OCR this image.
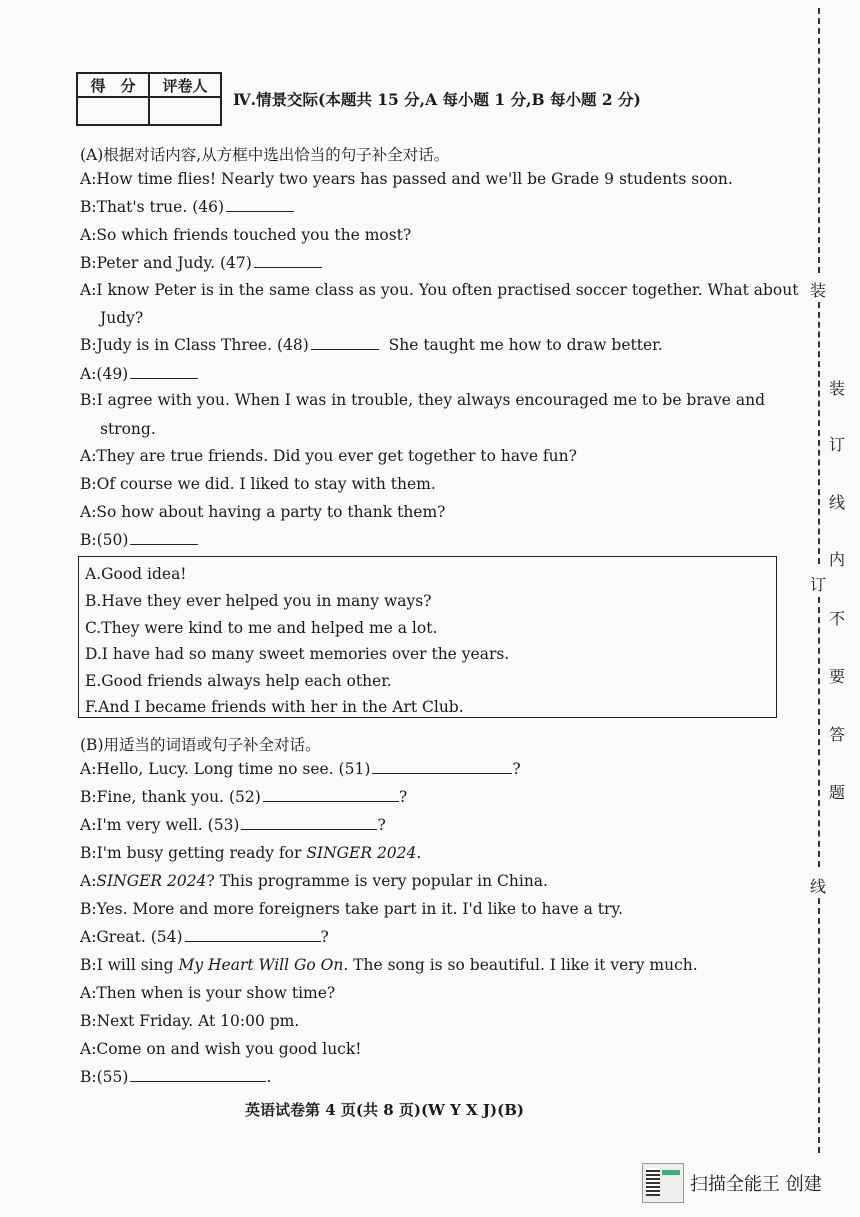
得　分	评卷人

Ⅳ.情景交际(本题共 15 分,A 每小题 1 分,B 每小题 2 分)
(A)根据对话内容,从方框中选出恰当的句子补全对话。
A:How time flies! Nearly two years has passed and we'll be Grade 9 students soon.
B:That's true. (46)
A:So which friends touched you the most?
B:Peter and Judy. (47)
A:I know Peter is in the same class as you. You often practised soccer together. What about
Judy?
B:Judy is in Class Three. (48)	She taught me how to draw better.
A:(49)
B:I agree with you. When I was in trouble, they always encouraged me to be brave and
strong.
A:They are true friends. Did you ever get together to have fun?
B:Of course we did. I liked to stay with them.
A:So how about having a party to thank them?
B:(50)
A.Good idea!
B.Have they ever helped you in many ways?
C.They were kind to me and helped me a lot.
D.I have had so many sweet memories over the years.
E.Good friends always help each other.
F.And I became friends with her in the Art Club.
(B)用适当的词语或句子补全对话。
A:Hello, Lucy. Long time no see. (51)	?
B:Fine, thank you. (52)	?
A:I'm very well. (53)	?
B:I'm busy getting ready for SINGER 2024.
A:SINGER 2024? This programme is very popular in China.
B:Yes. More and more foreigners take part in it. I'd like to have a try.
A:Great. (54)	?
B:I will sing My Heart Will Go On. The song is so beautiful. I like it very much.
A:Then when is your show time?
B:Next Friday. At 10:00 pm.
A:Come on and wish you good luck!
B:(55)	.
英语试卷第 4 页(共 8 页)(W Y X J)(B)
装
订
线
装
订
线
内
不
要
答
题
扫描全能王 创建
